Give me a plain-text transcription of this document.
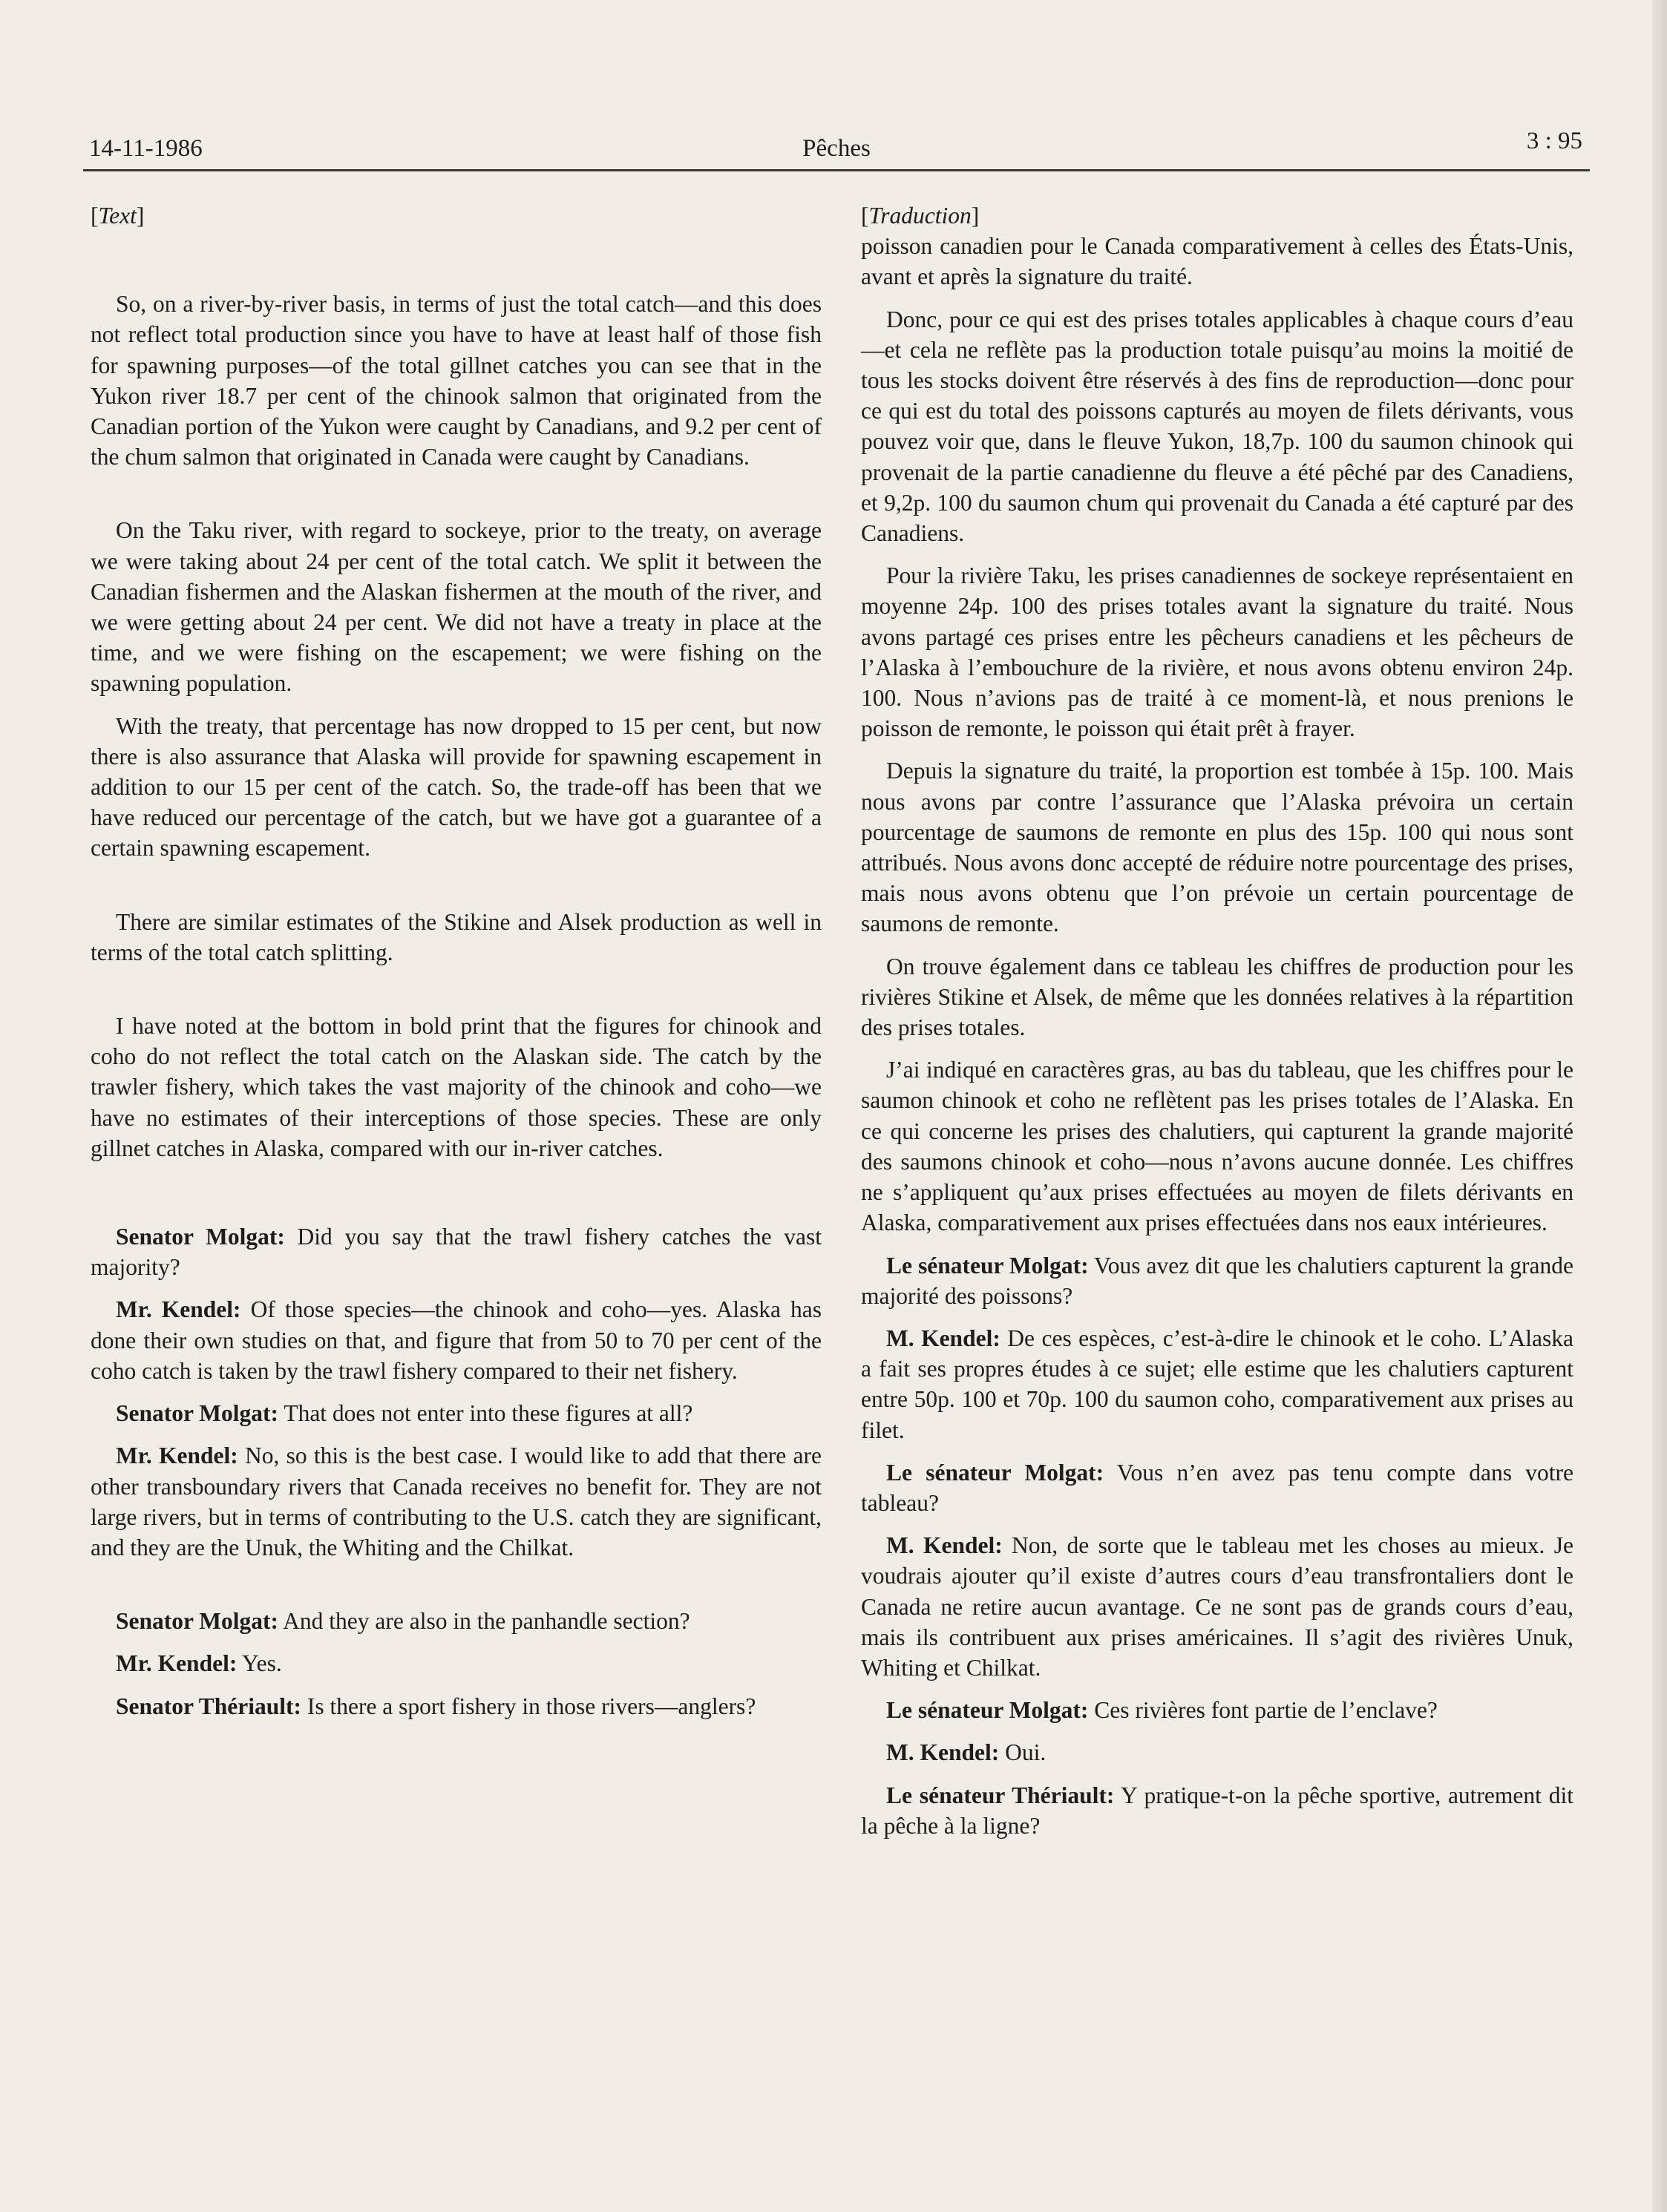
14-11-1986	Pêches	3 : 95

[Text]

So, on a river-by-river basis, in terms of just the total catch—and this does not reflect total production since you have to have at least half of those fish for spawning purposes—of the total gillnet catches you can see that in the Yukon river 18.7 per cent of the chinook salmon that originated from the Canadian portion of the Yukon were caught by Canadians, and 9.2 per cent of the chum salmon that originated in Canada were caught by Canadians.

On the Taku river, with regard to sockeye, prior to the treaty, on average we were taking about 24 per cent of the total catch. We split it between the Canadian fishermen and the Alaskan fishermen at the mouth of the river, and we were getting about 24 per cent. We did not have a treaty in place at the time, and we were fishing on the escapement; we were fishing on the spawning population.

With the treaty, that percentage has now dropped to 15 per cent, but now there is also assurance that Alaska will provide for spawning escapement in addition to our 15 per cent of the catch. So, the trade-off has been that we have reduced our percentage of the catch, but we have got a guarantee of a certain spawning escapement.

There are similar estimates of the Stikine and Alsek production as well in terms of the total catch splitting.

I have noted at the bottom in bold print that the figures for chinook and coho do not reflect the total catch on the Alaskan side. The catch by the trawler fishery, which takes the vast majority of the chinook and coho—we have no estimates of their interceptions of those species. These are only gillnet catches in Alaska, compared with our in-river catches.

Senator Molgat: Did you say that the trawl fishery catches the vast majority?

Mr. Kendel: Of those species—the chinook and coho—yes. Alaska has done their own studies on that, and figure that from 50 to 70 per cent of the coho catch is taken by the trawl fishery compared to their net fishery.

Senator Molgat: That does not enter into these figures at all?

Mr. Kendel: No, so this is the best case. I would like to add that there are other transboundary rivers that Canada receives no benefit for. They are not large rivers, but in terms of contributing to the U.S. catch they are significant, and they are the Unuk, the Whiting and the Chilkat.

Senator Molgat: And they are also in the panhandle section?

Mr. Kendel: Yes.

Senator Thériault: Is there a sport fishery in those rivers—anglers?

[Traduction]

poisson canadien pour le Canada comparativement à celles des États-Unis, avant et après la signature du traité.

Donc, pour ce qui est des prises totales applicables à chaque cours d’eau—et cela ne reflète pas la production totale puisqu’au moins la moitié de tous les stocks doivent être réservés à des fins de reproduction—donc pour ce qui est du total des poissons capturés au moyen de filets dérivants, vous pouvez voir que, dans le fleuve Yukon, 18,7p. 100 du saumon chinook qui provenait de la partie canadienne du fleuve a été pêché par des Canadiens, et 9,2p. 100 du saumon chum qui provenait du Canada a été capturé par des Canadiens.

Pour la rivière Taku, les prises canadiennes de sockeye représentaient en moyenne 24p. 100 des prises totales avant la signature du traité. Nous avons partagé ces prises entre les pêcheurs canadiens et les pêcheurs de l’Alaska à l’embouchure de la rivière, et nous avons obtenu environ 24p. 100. Nous n’avions pas de traité à ce moment-là, et nous prenions le poisson de remonte, le poisson qui était prêt à frayer.

Depuis la signature du traité, la proportion est tombée à 15p. 100. Mais nous avons par contre l’assurance que l’Alaska prévoira un certain pourcentage de saumons de remonte en plus des 15p. 100 qui nous sont attribués. Nous avons donc accepté de réduire notre pourcentage des prises, mais nous avons obtenu que l’on prévoie un certain pourcentage de saumons de remonte.

On trouve également dans ce tableau les chiffres de production pour les rivières Stikine et Alsek, de même que les données relatives à la répartition des prises totales.

J’ai indiqué en caractères gras, au bas du tableau, que les chiffres pour le saumon chinook et coho ne reflètent pas les prises totales de l’Alaska. En ce qui concerne les prises des chalutiers, qui capturent la grande majorité des saumons chinook et coho—nous n’avons aucune donnée. Les chiffres ne s’appliquent qu’aux prises effectuées au moyen de filets dérivants en Alaska, comparativement aux prises effectuées dans nos eaux intérieures.

Le sénateur Molgat: Vous avez dit que les chalutiers capturent la grande majorité des poissons?

M. Kendel: De ces espèces, c’est-à-dire le chinook et le coho. L’Alaska a fait ses propres études à ce sujet; elle estime que les chalutiers capturent entre 50p. 100 et 70p. 100 du saumon coho, comparativement aux prises au filet.

Le sénateur Molgat: Vous n’en avez pas tenu compte dans votre tableau?

M. Kendel: Non, de sorte que le tableau met les choses au mieux. Je voudrais ajouter qu’il existe d’autres cours d’eau transfrontaliers dont le Canada ne retire aucun avantage. Ce ne sont pas de grands cours d’eau, mais ils contribuent aux prises américaines. Il s’agit des rivières Unuk, Whiting et Chilkat.

Le sénateur Molgat: Ces rivières font partie de l’enclave?

M. Kendel: Oui.

Le sénateur Thériault: Y pratique-t-on la pêche sportive, autrement dit la pêche à la ligne?
